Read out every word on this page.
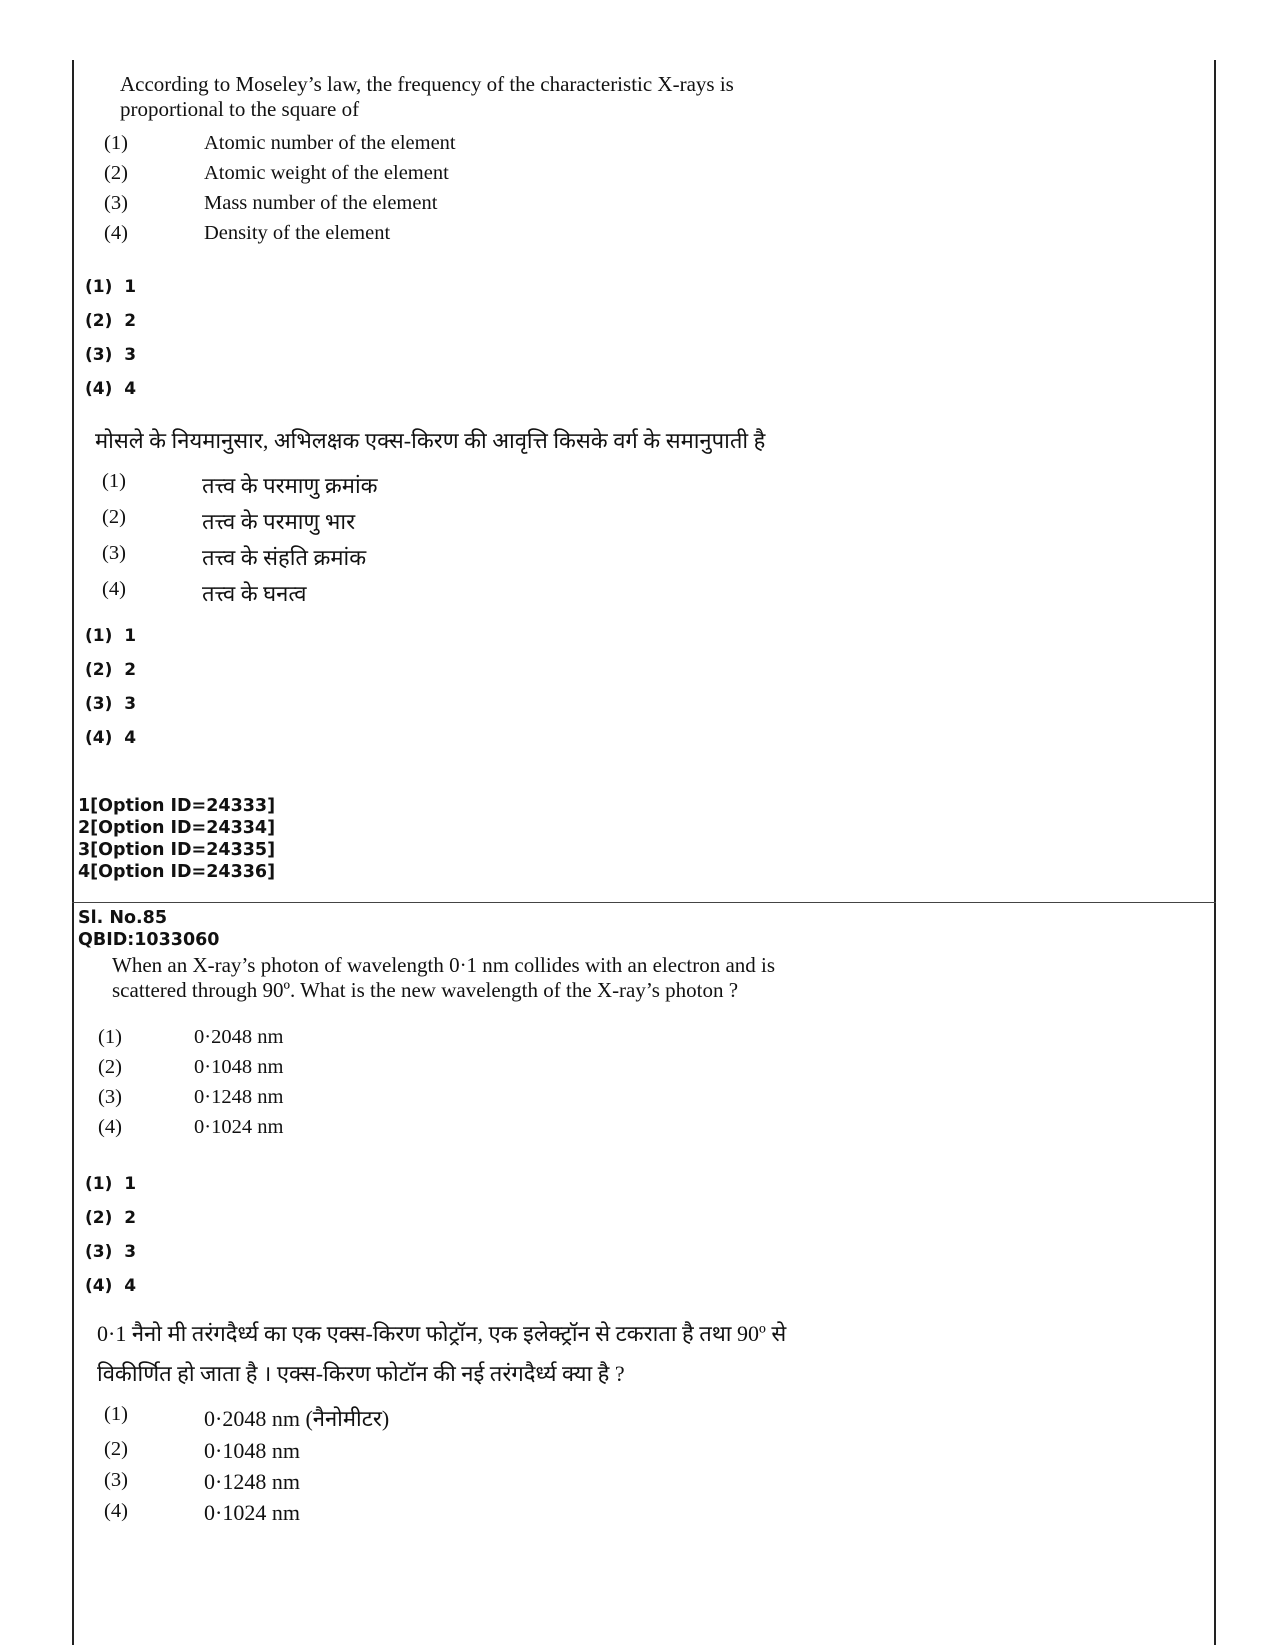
According to Moseley’s law, the frequency of the characteristic X-rays is
proportional to the square of
(1)	Atomic number of the element
(2)	Atomic weight of the element
(3)	Mass number of the element
(4)	Density of the element
(1) 1
(2) 2
(3) 3
(4) 4
मोसले के नियमानुसार, अभिलक्षक एक्स-किरण की आवृत्ति किसके वर्ग के समानुपाती है
(1)	तत्त्व के परमाणु क्रमांक
(2)	तत्त्व के परमाणु भार
(3)	तत्त्व के संहति क्रमांक
(4)	तत्त्व के घनत्व
(1) 1
(2) 2
(3) 3
(4) 4
1[Option ID=24333]
2[Option ID=24334]
3[Option ID=24335]
4[Option ID=24336]
Sl. No.85
QBID:1033060
When an X-ray’s photon of wavelength 0·1 nm collides with an electron and is
scattered through 90º. What is the new wavelength of the X-ray’s photon ?
(1)	0·2048 nm
(2)	0·1048 nm
(3)	0·1248 nm
(4)	0·1024 nm
(1) 1
(2) 2
(3) 3
(4) 4
0·1 नैनो मी तरंगदैर्ध्य का एक एक्स-किरण फोट्रॉन, एक इलेक्ट्रॉन से टकराता है तथा 90º से
विकीर्णित हो जाता है । एक्स-किरण फोटॉन की नई तरंगदैर्ध्य क्या है ?
(1)	0·2048 nm (नैनोमीटर)
(2)	0·1048 nm
(3)	0·1248 nm
(4)	0·1024 nm
